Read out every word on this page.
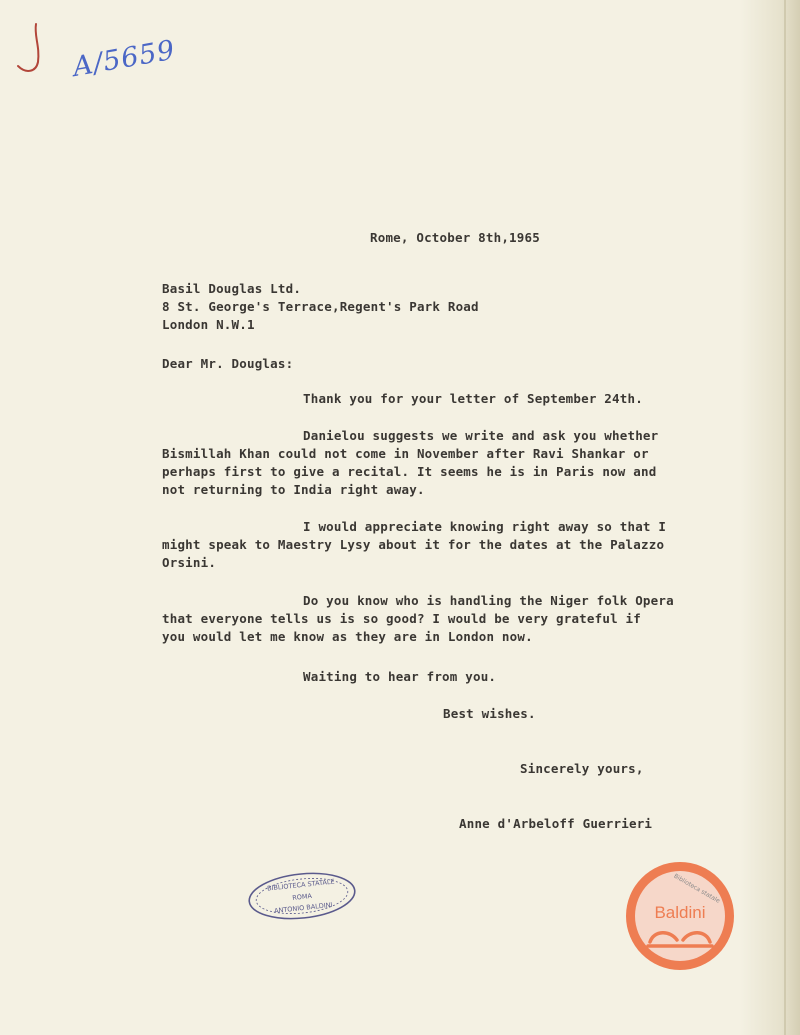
A/5659
Rome, October 8th,1965
Basil Douglas Ltd.
8 St. George's Terrace,Regent's Park Road
London N.W.1
Dear Mr. Douglas:
Thank you for your letter of September 24th.
Danielou suggests we write and ask you whether
Bismillah Khan could not come in November after Ravi Shankar or
perhaps first to give a recital. It seems he is in Paris now and
not returning to India right away.
I would appreciate knowing right away so that I
might speak to Maestry Lysy about it for the dates at the Palazzo
Orsini.
Do you know who is handling the Niger folk Opera
that everyone tells us is so good? I would be very grateful if
you would let me know as they are in London now.
Waiting to hear from you.
Best wishes.
Sincerely yours,
Anne d'Arbeloff Guerrieri
BIBLIOTECA STATALE
ROMA
ANTONIO BALDINI
Biblioteca statale
Baldini
